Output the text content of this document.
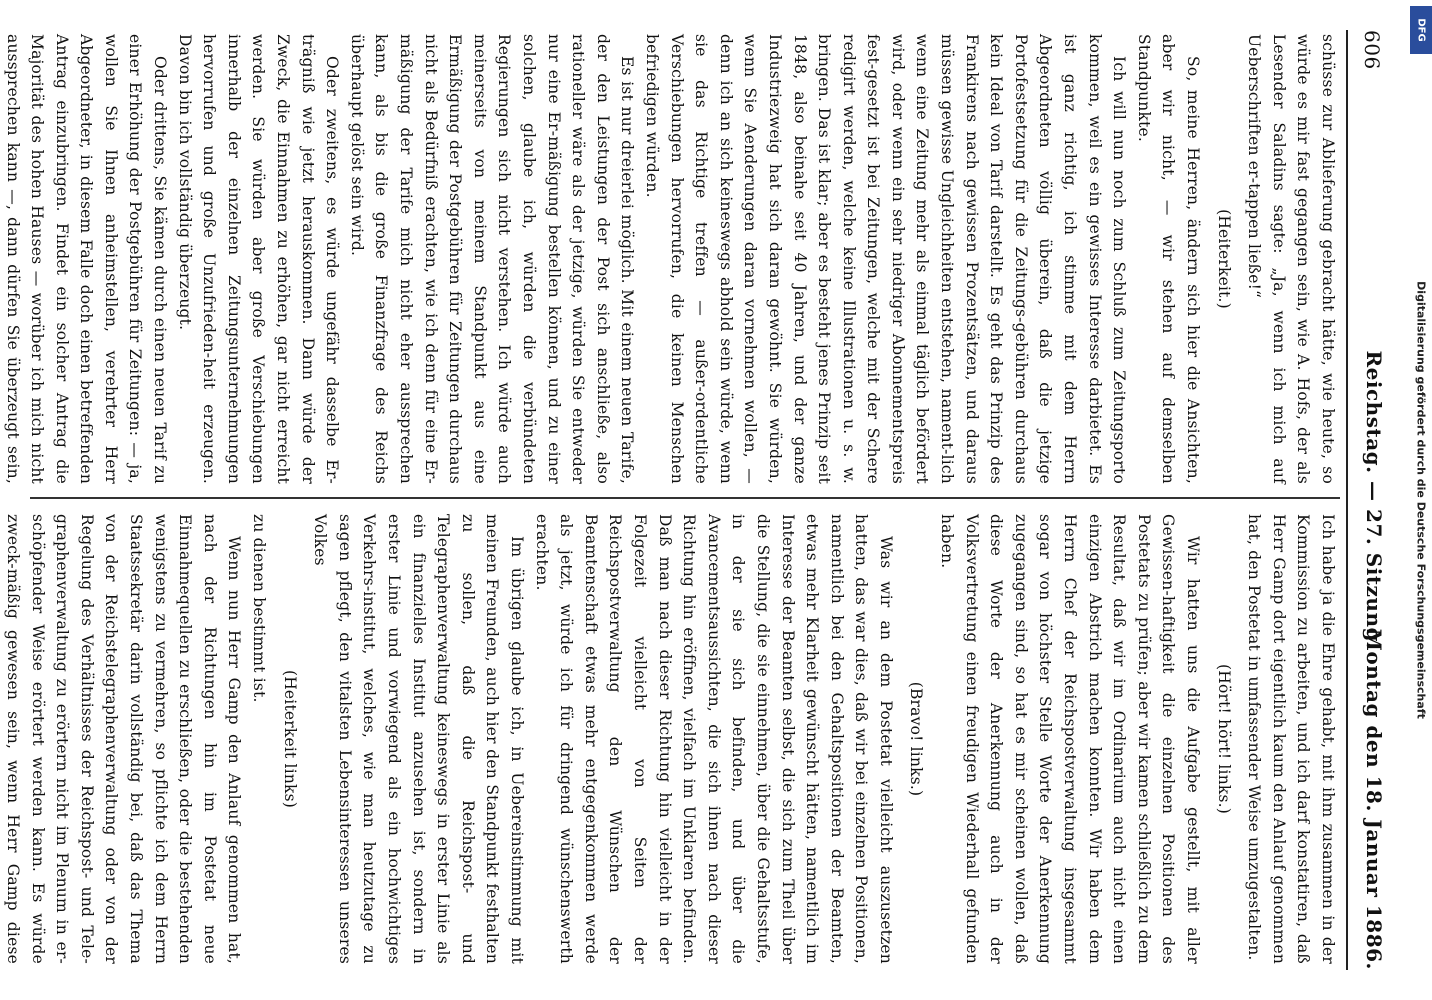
606
Reichstag. — 27. Sitzung.
Montag den 18. Januar 1886.

schüsse zur Ablieferung gebracht hätte, wie heute, so würde es mir fast gegangen sein, wie A. Hofs, der als Lesender Saladins sagte: „Ja, wenn ich mich auf Ueberschriften er-tappen ließe!“

(Heiterkeit.)

So, meine Herren, ändern sich hier die Ansichten, aber wir nicht, — wir stehen auf demselben Standpunkte.

Ich will nun noch zum Schluß zum Zeitungsporto kommen, weil es ein gewisses Interesse darbietet. Es ist ganz richtig, ich stimme mit dem Herrn Abgeordneten völlig überein, daß die jetzige Portofestsetzung für die Zeitungs-gebühren durchaus kein Ideal von Tarif darstellt. Es geht das Prinzip des Frankirens nach gewissen Prozentsätzen, und daraus müssen gewisse Ungleichheiten entstehen, nament-lich wenn eine Zeitung mehr als einmal täglich befördert wird, oder wenn ein sehr niedriger Abonnementspreis fest-gesetzt ist bei Zeitungen, welche mit der Schere redigirt werden, welche keine Illustrationen u. s. w. bringen. Das ist klar; aber es besteht jenes Prinzip seit 1848, also beinahe seit 40 Jahren, und der ganze Industriezweig hat sich daran gewöhnt. Sie würden, wenn Sie Aenderungen daran vornehmen wollen, — denn ich an sich keineswegs abhold sein würde, wenn sie das Richtige treffen — außer-ordentliche Verschiebungen hervorrufen, die keinen Menschen befriedigen würden.

Es ist nur dreierlei möglich. Mit einem neuen Tarife, der den Leistungen der Post sich anschließe, also rationeller wäre als der jetzige, würden Sie entweder nur eine Er-mäßigung bestellen können, und zu einer solchen, glaube ich, würden die verbündeten Regierungen sich nicht verstehen. Ich würde auch meinerseits von meinem Standpunkt aus eine Ermäßigung der Postgebühren für Zeitungen durchaus nicht als Bedürfniß erachten, wie ich denn für eine Er-mäßigung der Tarife mich nicht eher aussprechen kann, als bis die große Finanzfrage des Reichs überhaupt gelöst sein wird.

Oder zweitens, es würde ungefähr dasselbe Er-trägniß wie jetzt herauskommen. Dann würde der Zweck, die Einnahmen zu erhöhen, gar nicht erreicht werden. Sie würden aber große Verschiebungen innerhalb der einzelnen Zeitungsunternehmungen hervorrufen und große Unzufrieden-heit erzeugen. Davon bin ich vollständig überzeugt.

Oder drittens, Sie kämen durch einen neuen Tarif zu einer Erhöhung der Postgebühren für Zeitungen: — ja, wollen Sie Ihnen anheimstellen, verehrter Herr Abgeordneter, in diesem Falle doch einen betreffenden Antrag einzubringen. Findet ein solcher Antrag die Majorität des hohen Hauses — worüber ich mich nicht aussprechen kann —, dann dürfen Sie überzeugt sein,

Ich habe ja die Ehre gehabt, mit ihm zusammen in der Kommission zu arbeiten, und ich darf konstatiren, daß Herr Gamp dort eigentlich kaum den Anlauf genommen hat, den Postetat in umfassender Weise umzugestalten.

(Hört! hört! links.)

Wir hatten uns die Aufgabe gestellt, mit aller Gewissen-haftigkeit die einzelnen Positionen des Postetats zu prüfen; aber wir kamen schließlich zu dem Resultat, daß wir im Ordinarium auch nicht einen einzigen Abstrich machen konnten. Wir haben dem Herrn Chef der Reichspostverwaltung insgesammt sogar von höchster Stelle Worte der Anerkennung zugegangen sind, so hat es mir scheinen wollen, daß diese Worte der Anerkennung auch in der Volksvertretung einen freudigen Wiederhall gefunden haben.

(Bravo! links.)

Was wir an dem Postetat vielleicht auszusetzen hatten, das war dies, daß wir bei einzelnen Positionen, namentlich bei den Gehaltspositionen der Beamten, etwas mehr Klarheit gewünscht hätten, namentlich im Interesse der Beamten selbst, die sich zum Theil über die Stellung, die sie einnehmen, über die Gehaltsstufe, in der sie sich befinden, und über die Avancementsaussichten, die sich ihnen nach dieser Richtung hin eröffnen, vielfach im Unklaren befinden. Daß man nach dieser Richtung hin vielleicht in der Folgezeit vielleicht von Seiten der Reichspostverwaltung den Wünschen der Beamtenschaft etwas mehr entgegenkommen werde als jetzt, würde ich für dringend wünschenswerth erachten.

Im übrigen glaube ich, in Uebereinstimmung mit meinen Freunden, auch hier den Standpunkt festhalten zu sollen, daß die Reichspost- und Telegraphenverwaltung keineswegs in erster Linie als ein finanzielles Institut anzusehen ist, sondern in erster Linie und vorwiegend als ein hochwichtiges Verkehrs-institut, welches, wie man heutzutage zu sagen pflegt, den vitalsten Lebensinteressen unseres Volkes

(Heiterkeit links)

zu dienen bestimmt ist.

Wenn nun Herr Gamp den Anlauf genommen hat, nach der Richtungen hin im Postetat neue Einnahmequellen zu erschließen, oder die bestehenden wenigstens zu vermehren, so pflichte ich dem Herrn Staatssekretär darin vollständig bei, daß das Thema von der Reichstelegraphenverwaltung oder von der Regelung des Verhältnisses der Reichspost- und Tele-graphenverwaltung zu erörtern nicht im Plenum in er-schöpfender Weise erörtert werden kann. Es würde zweck-mäßig gewesen sein, wenn Herr Gamp diese

Digitalisierung gefördert durch die Deutsche Forschungsgemeinschaft
DFG
